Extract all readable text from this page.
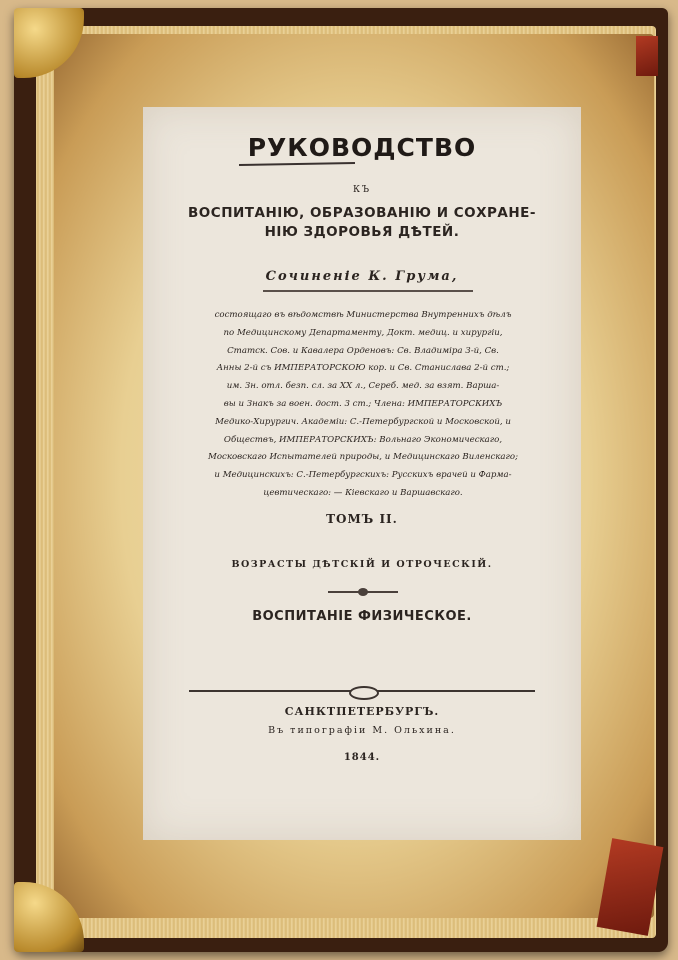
РУКОВОДСТВО
КЪ
ВОСПИТАНІЮ, ОБРАЗОВАНІЮ И СОХРАНЕ-
НІЮ ЗДОРОВЬЯ ДѢТЕЙ.
Сочиненіе К. Грума,
состоящаго въ вѣдомствѣ Министерства Внутреннихъ дѣлъ
по Медицинскому Департаменту, Докт. медиц. и хирургіи,
Статск. Сов. и Кавалера Орденовъ: Св. Владиміра 3-й, Св.
Анны 2-й съ ИМПЕРАТОРСКОЮ кор. и Св. Станислава 2-й ст.;
им. Зн. отл. безп. сл. за XX л., Сереб. мед. за взят. Варша-
вы и Знакъ за воен. дост. 3 ст.; Члена: ИМПЕРАТОРСКИХЪ
Медико-Хирургич. Академіи: С.-Петербургской и Московской, и
Обществъ, ИМПЕРАТОРСКИХЪ: Вольнаго Экономическаго,
Московскаго Испытателей природы, и Медицинскаго Виленскаго;
и Медицинскихъ: С.-Петербургскихъ: Русскихъ врачей и Фарма-
цевтическаго: — Кіевскаго и Варшавскаго.
ТОМЪ II.
ВОЗРАСТЫ ДѢТСКІЙ И ОТРОЧЕСКІЙ.
ВОСПИТАНІЕ ФИЗИЧЕСКОЕ.
САНКТПЕТЕРБУРГЪ.
Въ типографіи М. Ольхина.
1844.
